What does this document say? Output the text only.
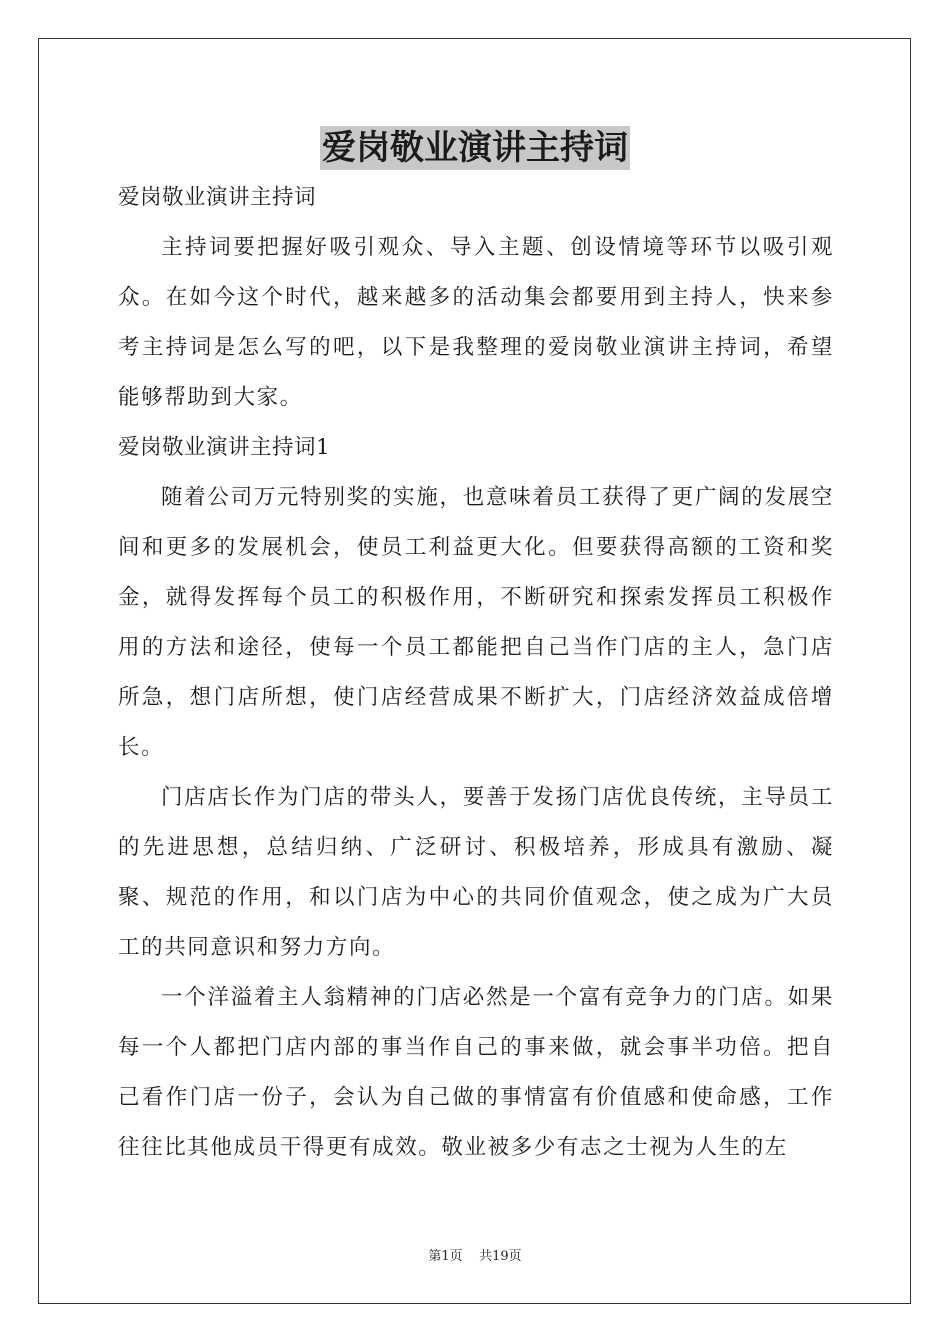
爱岗敬业演讲主持词

爱岗敬业演讲主持词

主持词要把握好吸引观众、导入主题、创设情境等环节以吸引观众。在如今这个时代，越来越多的活动集会都要用到主持人，快来参考主持词是怎么写的吧，以下是我整理的爱岗敬业演讲主持词，希望能够帮助到大家。

爱岗敬业演讲主持词1

随着公司万元特别奖的实施，也意味着员工获得了更广阔的发展空间和更多的发展机会，使员工利益更大化。但要获得高额的工资和奖金，就得发挥每个员工的积极作用，不断研究和探索发挥员工积极作用的方法和途径，使每一个员工都能把自己当作门店的主人，急门店所急，想门店所想，使门店经营成果不断扩大，门店经济效益成倍增长。

门店店长作为门店的带头人，要善于发扬门店优良传统，主导员工的先进思想，总结归纳、广泛研讨、积极培养，形成具有激励、凝聚、规范的作用，和以门店为中心的共同价值观念，使之成为广大员工的共同意识和努力方向。

一个洋溢着主人翁精神的门店必然是一个富有竞争力的门店。如果每一个人都把门店内部的事当作自己的事来做，就会事半功倍。把自己看作门店一份子，会认为自己做的事情富有价值感和使命感，工作往往比其他成员干得更有成效。敬业被多少有志之士视为人生的左

第1页    共19页
